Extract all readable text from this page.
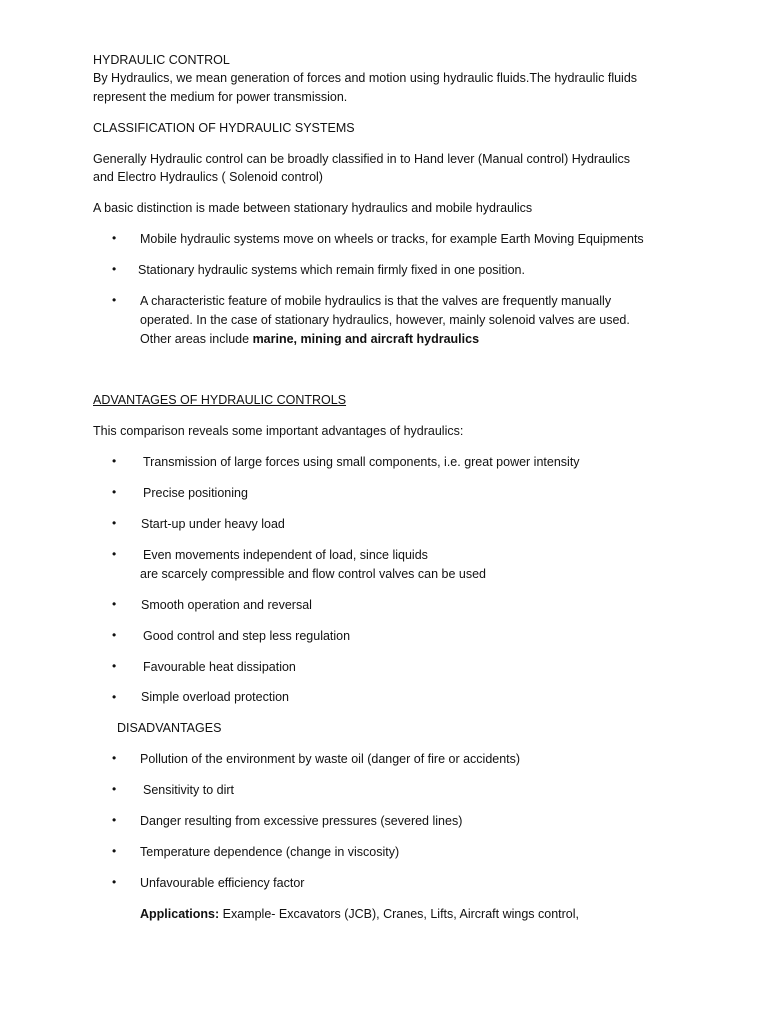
HYDRAULIC CONTROL
By Hydraulics, we mean generation of forces and motion using hydraulic fluids.The hydraulic fluids
represent the medium for power transmission.
CLASSIFICATION OF HYDRAULIC SYSTEMS
Generally Hydraulic control can be broadly classified in to Hand lever (Manual control) Hydraulics
and Electro Hydraulics ( Solenoid control)
A basic distinction is made between stationary hydraulics and mobile hydraulics
• Mobile hydraulic systems move on wheels or tracks, for example Earth Moving Equipments
• Stationary hydraulic systems which remain firmly fixed in one position.
• A characteristic feature of mobile hydraulics is that the valves are frequently manually
operated. In the case of stationary hydraulics, however, mainly solenoid valves are used.
Other areas include marine, mining and aircraft hydraulics
ADVANTAGES OF HYDRAULIC CONTROLS
This comparison reveals some important advantages of hydraulics:
• Transmission of large forces using small components, i.e. great power intensity
• Precise positioning
• Start-up under heavy load
• Even movements independent of load, since liquids
are scarcely compressible and flow control valves can be used
• Smooth operation and reversal
• Good control and step less regulation
• Favourable heat dissipation
• Simple overload protection
DISADVANTAGES
• Pollution of the environment by waste oil (danger of fire or accidents)
• Sensitivity to dirt
• Danger resulting from excessive pressures (severed lines)
• Temperature dependence (change in viscosity)
• Unfavourable efficiency factor
Applications: Example- Excavators (JCB), Cranes, Lifts, Aircraft wings control,
